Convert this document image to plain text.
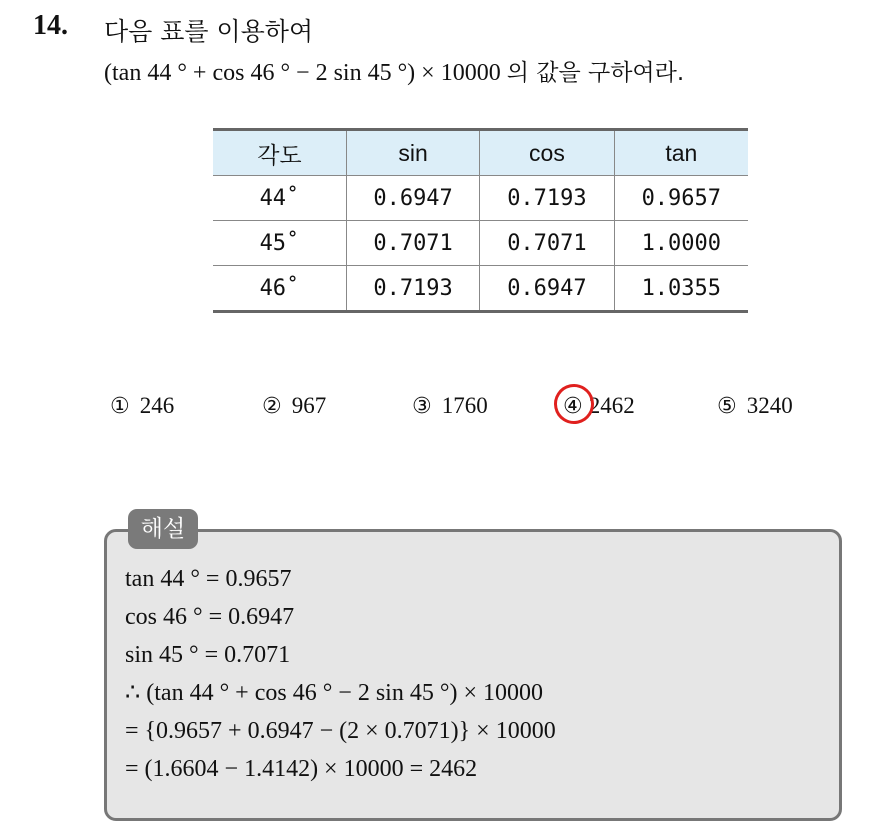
14. 다음 표를 이용하여
(tan 44 ° + cos 46 ° − 2 sin 45 °) × 10000 의 값을 구하여라.
각도	sin	cos	tan
44˚	0.6947	0.7193	0.9657
45˚	0.7071	0.7071	1.0000
46˚	0.7193	0.6947	1.0355
① 246	② 967	③ 1760	④ 2462	⑤ 3240
해설
tan 44 ° = 0.9657
cos 46 ° = 0.6947
sin 45 ° = 0.7071
∴ (tan 44 ° + cos 46 ° − 2 sin 45 °) × 10000
= {0.9657 + 0.6947 − (2 × 0.7071)} × 10000
= (1.6604 − 1.4142) × 10000 = 2462
